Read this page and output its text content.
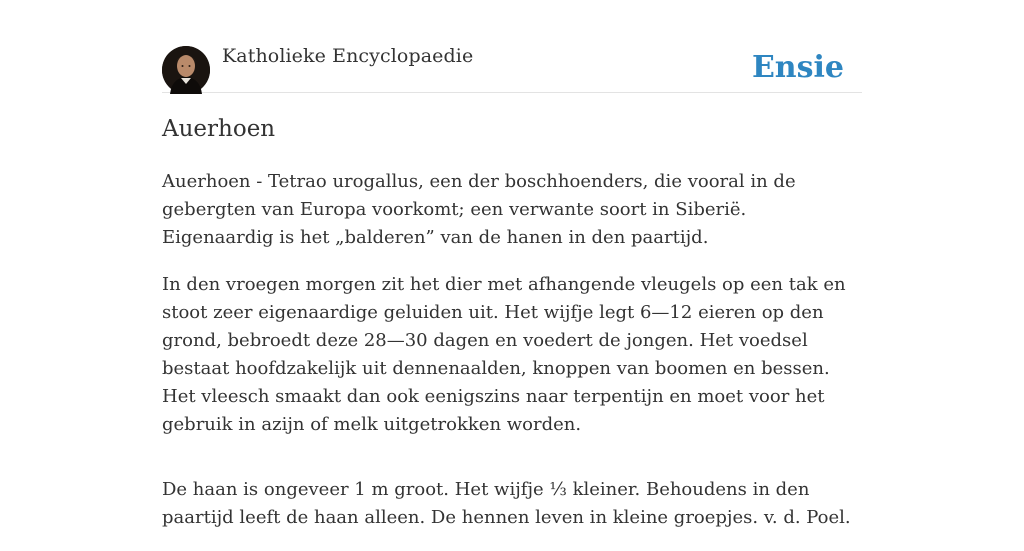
Katholieke Encyclopaedie	Ensie
Auerhoen

Auerhoen - Tetrao urogallus, een der boschhoenders, die vooral in de gebergten van Europa voorkomt; een verwante soort in Siberië. Eigenaardig is het „balderen” van de hanen in den paartijd.

In den vroegen morgen zit het dier met afhangende vleugels op een tak en stoot zeer eigenaardige geluiden uit. Het wijfje legt 6—12 eieren op den grond, bebroedt deze 28—30 dagen en voedert de jongen. Het voedsel bestaat hoofdzakelijk uit dennenaalden, knoppen van boomen en bessen. Het vleesch smaakt dan ook eenigszins naar terpentijn en moet voor het gebruik in azijn of melk uitgetrokken worden.

De haan is ongeveer 1 m groot. Het wijfje ⅓ kleiner. Behoudens in den paartijd leeft de haan alleen. De hennen leven in kleine groepjes. v. d. Poel.
